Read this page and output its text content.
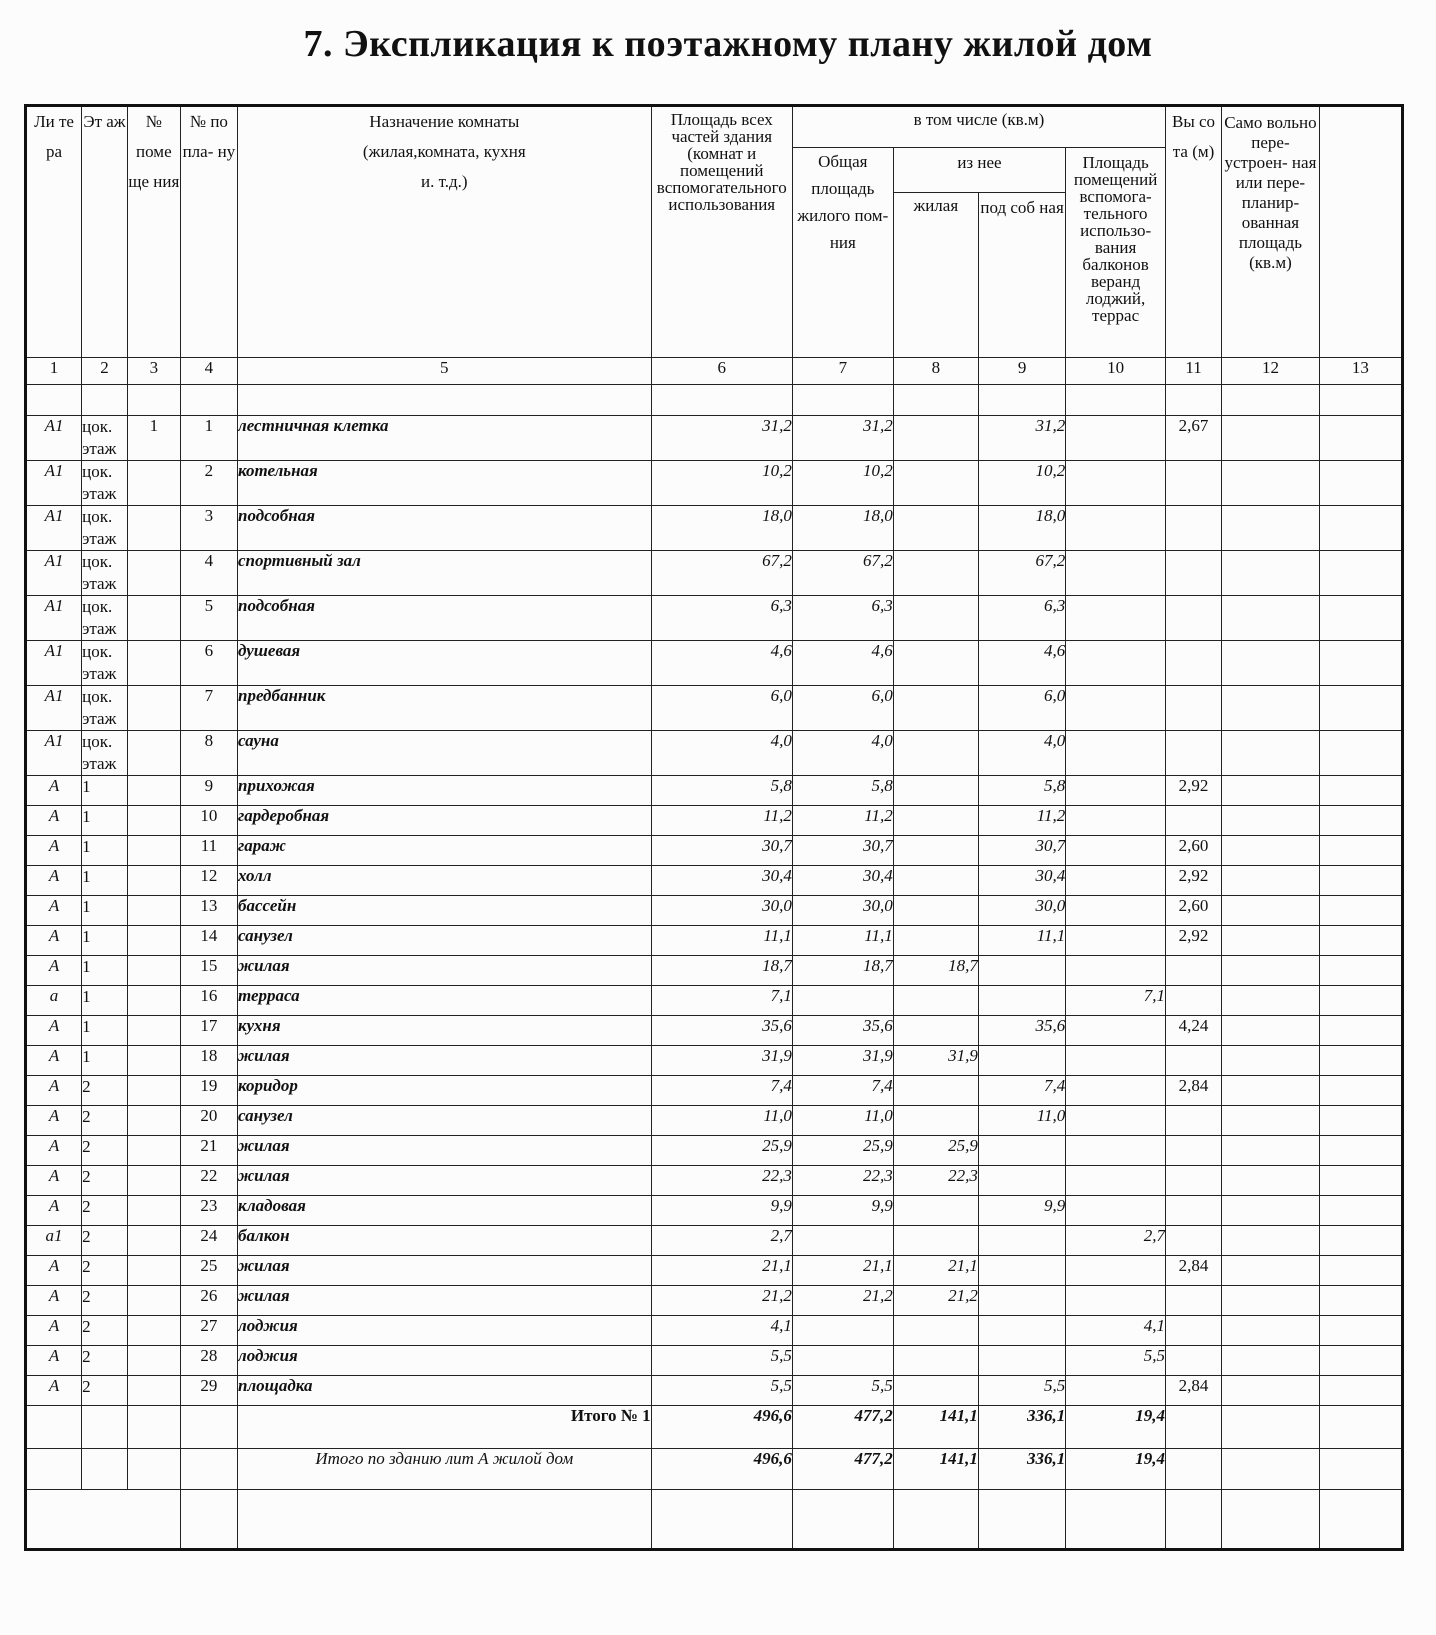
7. Экспликация к поэтажному плану жилой дом
Ли те ра	Эт аж	№ поме ще ния	№ по пла- ну	Назначение комнаты (жилая,комната, кухня и. т.д.)	Площадь всех частей здания (комнат и помещений вспомогательного использования	в том числе (кв.м)				Вы со та (м)	Само вольно пере- устроен- ная или пере- планир- ованная площадь (кв.м)	
						Общая площадь жилого пом-ния	из нее		Площадь помещений вспомога- тельного использо- вания балконов веранд лоджий, террас			
							жилая	под соб ная				
1	2	3	4	5	6	7	8	9	10	11	12	13

A1	цок. этаж	1	1	лестничная клетка	31,2	31,2		31,2		2,67		
A1	цок. этаж		2	котельная	10,2	10,2		10,2				
A1	цок. этаж		3	подсобная	18,0	18,0		18,0				
A1	цок. этаж		4	спортивный зал	67,2	67,2		67,2				
A1	цок. этаж		5	подсобная	6,3	6,3		6,3				
A1	цок. этаж		6	душевая	4,6	4,6		4,6				
A1	цок. этаж		7	предбанник	6,0	6,0		6,0				
A1	цок. этаж		8	сауна	4,0	4,0		4,0				
A	1		9	прихожая	5,8	5,8		5,8		2,92		
A	1		10	гардеробная	11,2	11,2		11,2				
A	1		11	гараж	30,7	30,7		30,7		2,60		
A	1		12	холл	30,4	30,4		30,4		2,92		
A	1		13	бассейн	30,0	30,0		30,0		2,60		
A	1		14	санузел	11,1	11,1		11,1		2,92		
A	1		15	жилая	18,7	18,7	18,7					
a	1		16	терраса	7,1				7,1			
A	1		17	кухня	35,6	35,6		35,6		4,24		
A	1		18	жилая	31,9	31,9	31,9					
A	2		19	коридор	7,4	7,4		7,4		2,84		
A	2		20	санузел	11,0	11,0		11,0				
A	2		21	жилая	25,9	25,9	25,9					
A	2		22	жилая	22,3	22,3	22,3					
A	2		23	кладовая	9,9	9,9		9,9				
a1	2		24	балкон	2,7				2,7			
A	2		25	жилая	21,1	21,1	21,1			2,84		
A	2		26	жилая	21,2	21,2	21,2					
A	2		27	лоджия	4,1				4,1			
A	2		28	лоджия	5,5				5,5			
A	2		29	площадка	5,5	5,5		5,5		2,84		
				Итого № 1	496,6	477,2	141,1	336,1	19,4			
				Итого по зданию лит А жилой дом	496,6	477,2	141,1	336,1	19,4			
